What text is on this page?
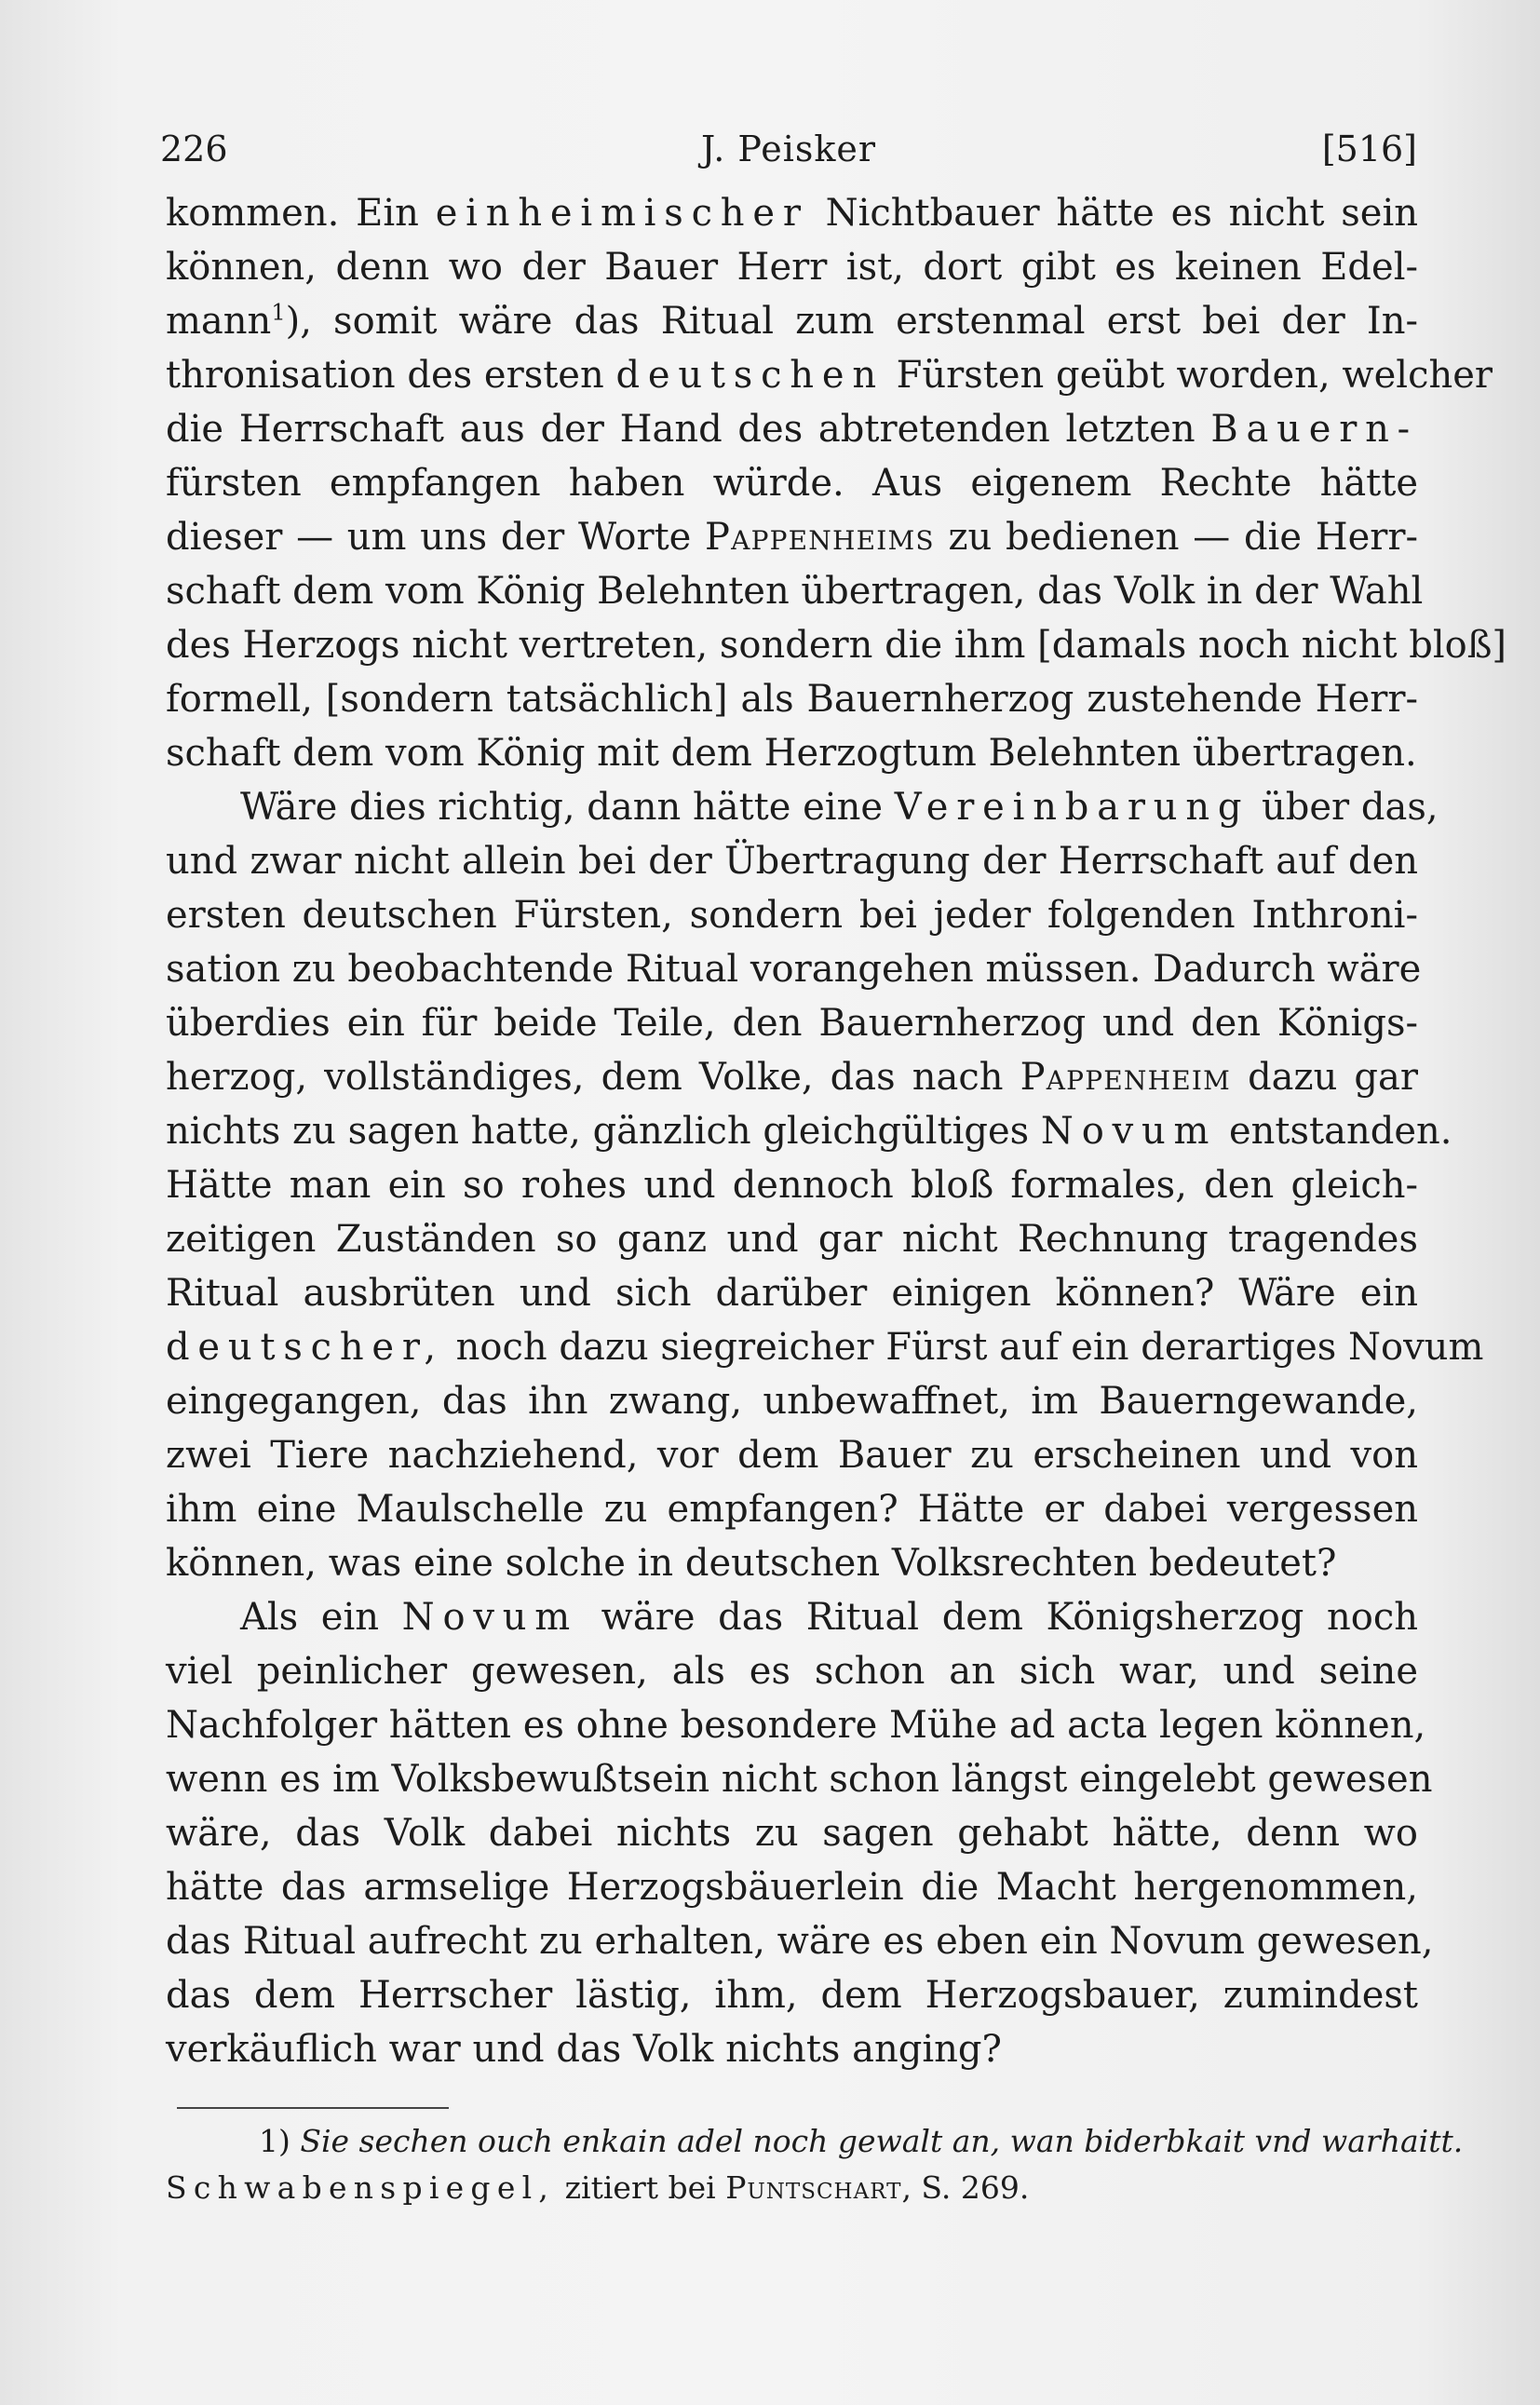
226	J. Peisker	[516]
kommen. Ein einheimischer Nichtbauer hätte es nicht sein
können, denn wo der Bauer Herr ist, dort gibt es keinen Edel-
mann$^1$), somit wäre das Ritual zum erstenmal erst bei der In-
thronisation des ersten deutschen Fürsten geübt worden, welcher
die Herrschaft aus der Hand des abtretenden letzten Bauern-
fürsten empfangen haben würde. Aus eigenem Rechte hätte
dieser — um uns der Worte Pappenheims zu bedienen — die Herr-
schaft dem vom König Belehnten übertragen, das Volk in der Wahl
des Herzogs nicht vertreten, sondern die ihm [damals noch nicht bloß]
formell, [sondern tatsächlich] als Bauernherzog zustehende Herr-
schaft dem vom König mit dem Herzogtum Belehnten übertragen.
Wäre dies richtig, dann hätte eine Vereinbarung über das,
und zwar nicht allein bei der Übertragung der Herrschaft auf den
ersten deutschen Fürsten, sondern bei jeder folgenden Inthroni-
sation zu beobachtende Ritual vorangehen müssen. Dadurch wäre
überdies ein für beide Teile, den Bauernherzog und den Königs-
herzog, vollständiges, dem Volke, das nach Pappenheim dazu gar
nichts zu sagen hatte, gänzlich gleichgültiges Novum entstanden.
Hätte man ein so rohes und dennoch bloß formales, den gleich-
zeitigen Zuständen so ganz und gar nicht Rechnung tragendes
Ritual ausbrüten und sich darüber einigen können? Wäre ein
deutscher, noch dazu siegreicher Fürst auf ein derartiges Novum
eingegangen, das ihn zwang, unbewaffnet, im Bauerngewande,
zwei Tiere nachziehend, vor dem Bauer zu erscheinen und von
ihm eine Maulschelle zu empfangen? Hätte er dabei vergessen
können, was eine solche in deutschen Volksrechten bedeutet?
Als ein Novum wäre das Ritual dem Königsherzog noch
viel peinlicher gewesen, als es schon an sich war, und seine
Nachfolger hätten es ohne besondere Mühe ad acta legen können,
wenn es im Volksbewußtsein nicht schon längst eingelebt gewesen
wäre, das Volk dabei nichts zu sagen gehabt hätte, denn wo
hätte das armselige Herzogsbäuerlein die Macht hergenommen,
das Ritual aufrecht zu erhalten, wäre es eben ein Novum gewesen,
das dem Herrscher lästig, ihm, dem Herzogsbauer, zumindest
verkäuflich war und das Volk nichts anging?
1) Sie sechen ouch enkain adel noch gewalt an, wan biderbkait vnd warhaitt.
Schwabenspiegel, zitiert bei Puntschart, S. 269.
